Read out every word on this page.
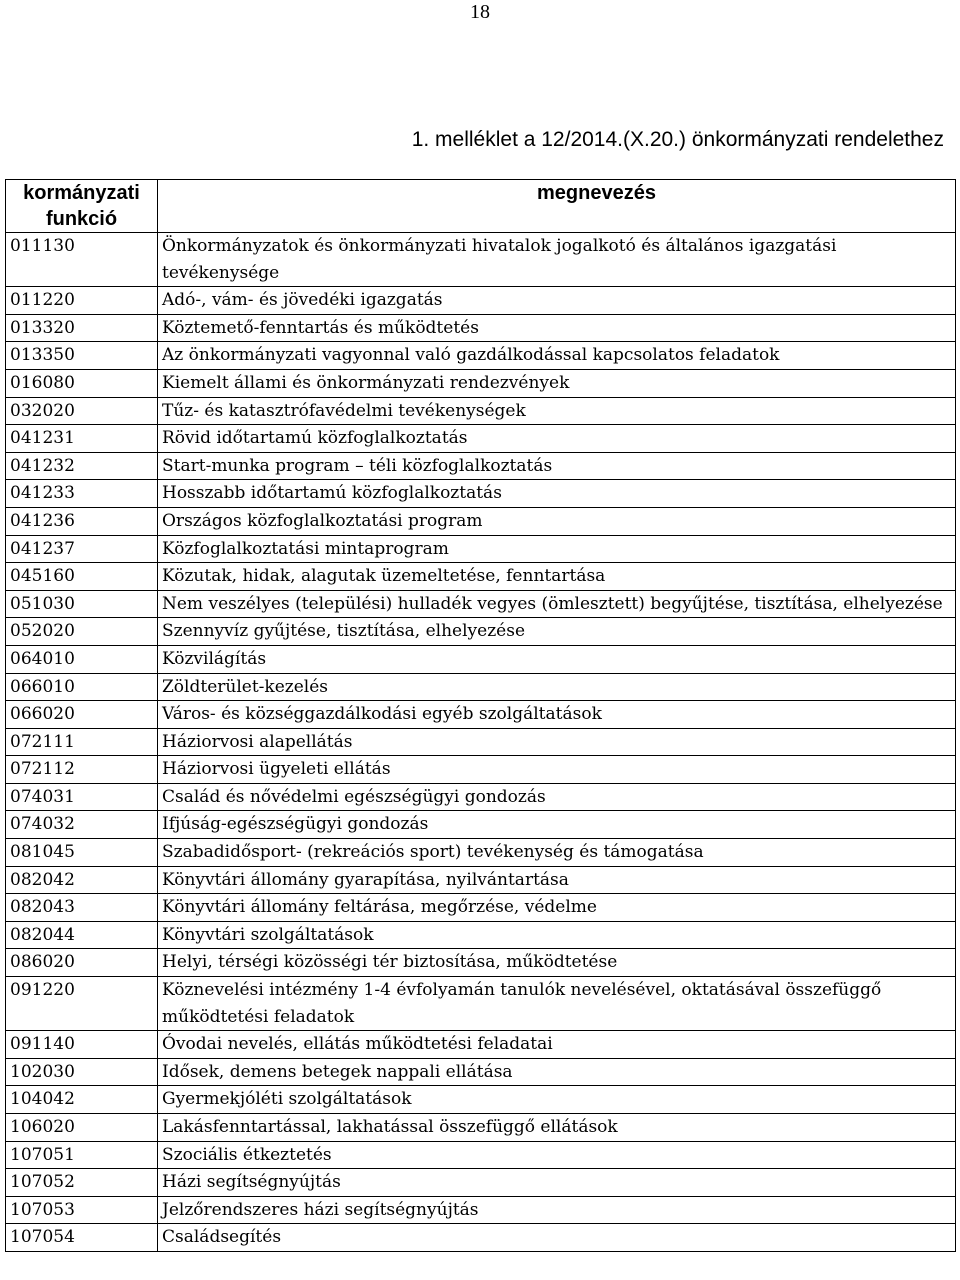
18
1. melléklet a 12/2014.(X.20.) önkormányzati rendelethez
kormányzati funkció	megnevezés
011130	Önkormányzatok és önkormányzati hivatalok jogalkotó és általános igazgatási tevékenysége
011220	Adó-, vám- és jövedéki igazgatás
013320	Köztemető-fenntartás és működtetés
013350	Az önkormányzati vagyonnal való gazdálkodással kapcsolatos feladatok
016080	Kiemelt állami és önkormányzati rendezvények
032020	Tűz- és katasztrófavédelmi tevékenységek
041231	Rövid időtartamú közfoglalkoztatás
041232	Start-munka program – téli közfoglalkoztatás
041233	Hosszabb időtartamú közfoglalkoztatás
041236	Országos közfoglalkoztatási program
041237	Közfoglalkoztatási mintaprogram
045160	Közutak, hidak, alagutak üzemeltetése, fenntartása
051030	Nem veszélyes (települési) hulladék vegyes (ömlesztett) begyűjtése, tisztítása, elhelyezése
052020	Szennyvíz gyűjtése, tisztítása, elhelyezése
064010	Közvilágítás
066010	Zöldterület-kezelés
066020	Város- és községgazdálkodási egyéb szolgáltatások
072111	Háziorvosi alapellátás
072112	Háziorvosi ügyeleti ellátás
074031	Család és nővédelmi egészségügyi gondozás
074032	Ifjúság-egészségügyi gondozás
081045	Szabadidősport- (rekreációs sport) tevékenység és támogatása
082042	Könyvtári állomány gyarapítása, nyilvántartása
082043	Könyvtári állomány feltárása, megőrzése, védelme
082044	Könyvtári szolgáltatások
086020	Helyi, térségi közösségi tér biztosítása, működtetése
091220	Köznevelési intézmény 1-4 évfolyamán tanulók nevelésével, oktatásával összefüggő működtetési feladatok
091140	Óvodai nevelés, ellátás működtetési feladatai
102030	Idősek, demens betegek nappali ellátása
104042	Gyermekjóléti szolgáltatások
106020	Lakásfenntartással, lakhatással összefüggő ellátások
107051	Szociális étkeztetés
107052	Házi segítségnyújtás
107053	Jelzőrendszeres házi segítségnyújtás
107054	Családsegítés
